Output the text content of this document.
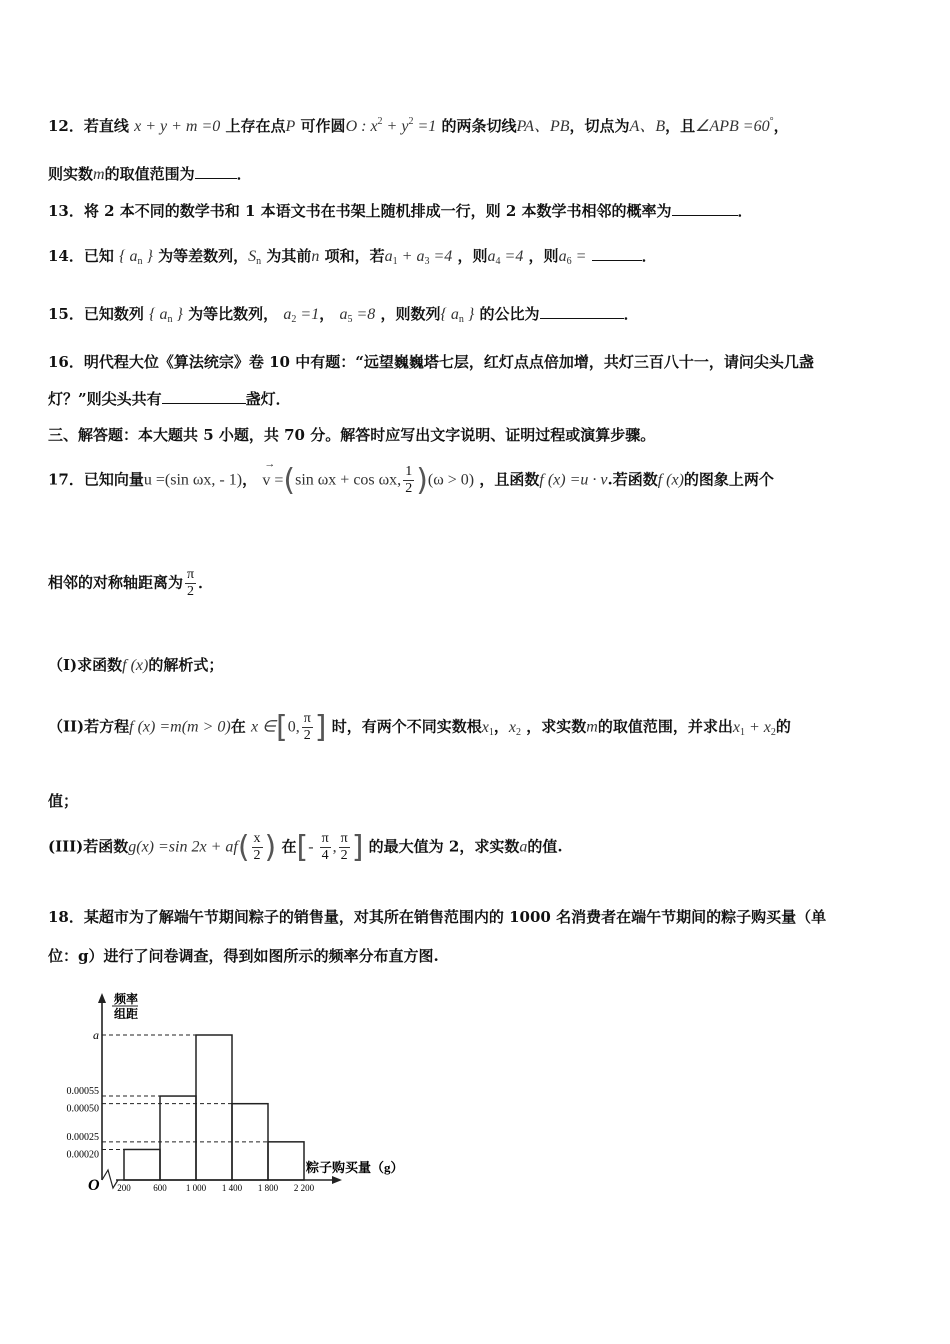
12．若直线 x + y + m =0 上存在点P 可作圆O : $x^2 + y^2 =1$ 的两条切线PA、PB，切点为A、B，且∠APB =60°，
则实数m的取值范围为	．
13．将 2 本不同的数学书和 1 本语文书在书架上随机排成一行，则 2 本数学书相邻的概率为	．
14．已知 { $a_n$ } 为等差数列，$S_n$ 为其前n 项和，若$a_1 + a_3 =4$ ，则$a_4 =4$ ，则$a_6$ =	．
15．已知数列 { $a_n$ } 为等比数列， $a_2 =1$， $a_5 =8$ ，则数列{ $a_n$ } 的公比为	．
16．明代程大位《算法统宗》卷 10 中有题：“远望巍巍塔七层，红灯点点倍加增，共灯三百八十一，请问尖头几盏
灯？”则尖头共有	盏灯．
三、解答题：本大题共 5 小题，共 70 分。解答时应写出文字说明、证明过程或演算步骤。
17．已知向量u =(sin ωx, - 1)，
→
v =(sin ωx + cos ωx, $\frac{1}{2} )(\omega > 0)$ ，且函数f (x) =u · v.若函数f (x)的图象上两个
相邻的对称轴距离为 $\frac{\pi}{2}$ ．
（I)求函数f (x)的解析式；
（II)若方程f (x) =m(m > 0)在 x ∈[0, $\frac{\pi}{2}$ ] 时，有两个不同实数根$x_1$，$x_2$ ，求实数m的取值范围，并求出$x_1 + x_2$的
值；
(III)若函数g(x) =sin $2x + af( \frac{x}{2}$ ) 在[- $\frac{\pi}{4}$ , $\frac{\pi}{2}$ ] 的最大值为 2，求实数a的值.
18．某超市为了解端午节期间粽子的销售量，对其所在销售范围内的 1000 名消费者在端午节期间的粽子购买量（单
位：g）进行了问卷调查，得到如图所示的频率分布直方图.
频率
组距
a
0.00055
0.00050
0.00025
0.00020
200	600 1 000 1 400 1 800 2 200
O
粽子购买量（g）
